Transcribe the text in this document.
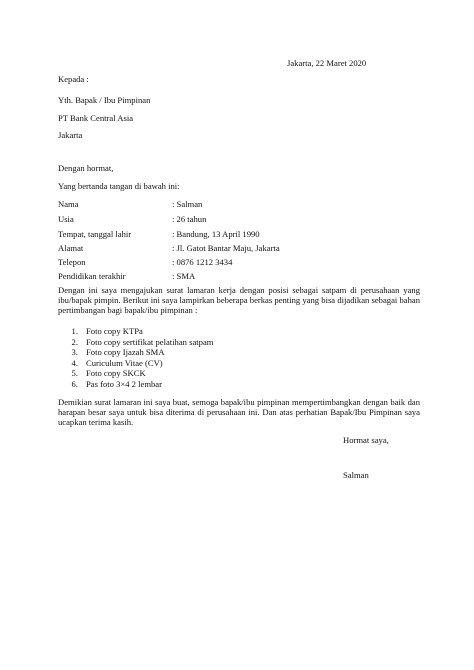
Jakarta, 22 Maret 2020
Kepada :
Yth. Bapak / Ibu Pimpinan
PT Bank Central Asia
Jakarta
Dengan hormat,
Yang bertanda tangan di bawah ini:
Nama	: Salman
Usia	: 26 tahun
Tempat, tanggal lahir	: Bandung, 13 April 1990
Alamat	: Jl. Gatot Bantar Maju, Jakarta
Telepon	: 0876 1212 3434
Pendidikan terakhir	: SMA
Dengan ini saya mengajukan surat lamaran kerja dengan posisi sebagai satpam di perusahaan yang ibu/bapak pimpin. Berikut ini saya lampirkan beberapa berkas penting yang bisa dijadikan sebagai bahan pertimbangan bagi bapak/ibu pimpinan :
1. Foto copy KTPa
2. Foto copy sertifikat pelatihan satpam
3. Foto copy Ijazah SMA
4. Curiculum Vitae (CV)
5. Foto copy SKCK
6. Pas foto 3×4 2 lembar
Demikian surat lamaran ini saya buat, semoga bapak/ibu pimpinan mempertimbangkan dengan baik dan harapan besar saya untuk bisa diterima di perusahaan ini. Dan atas perhatian Bapak/Ibu Pimpinan saya ucapkan terima kasih.
Hormat saya,
Salman
